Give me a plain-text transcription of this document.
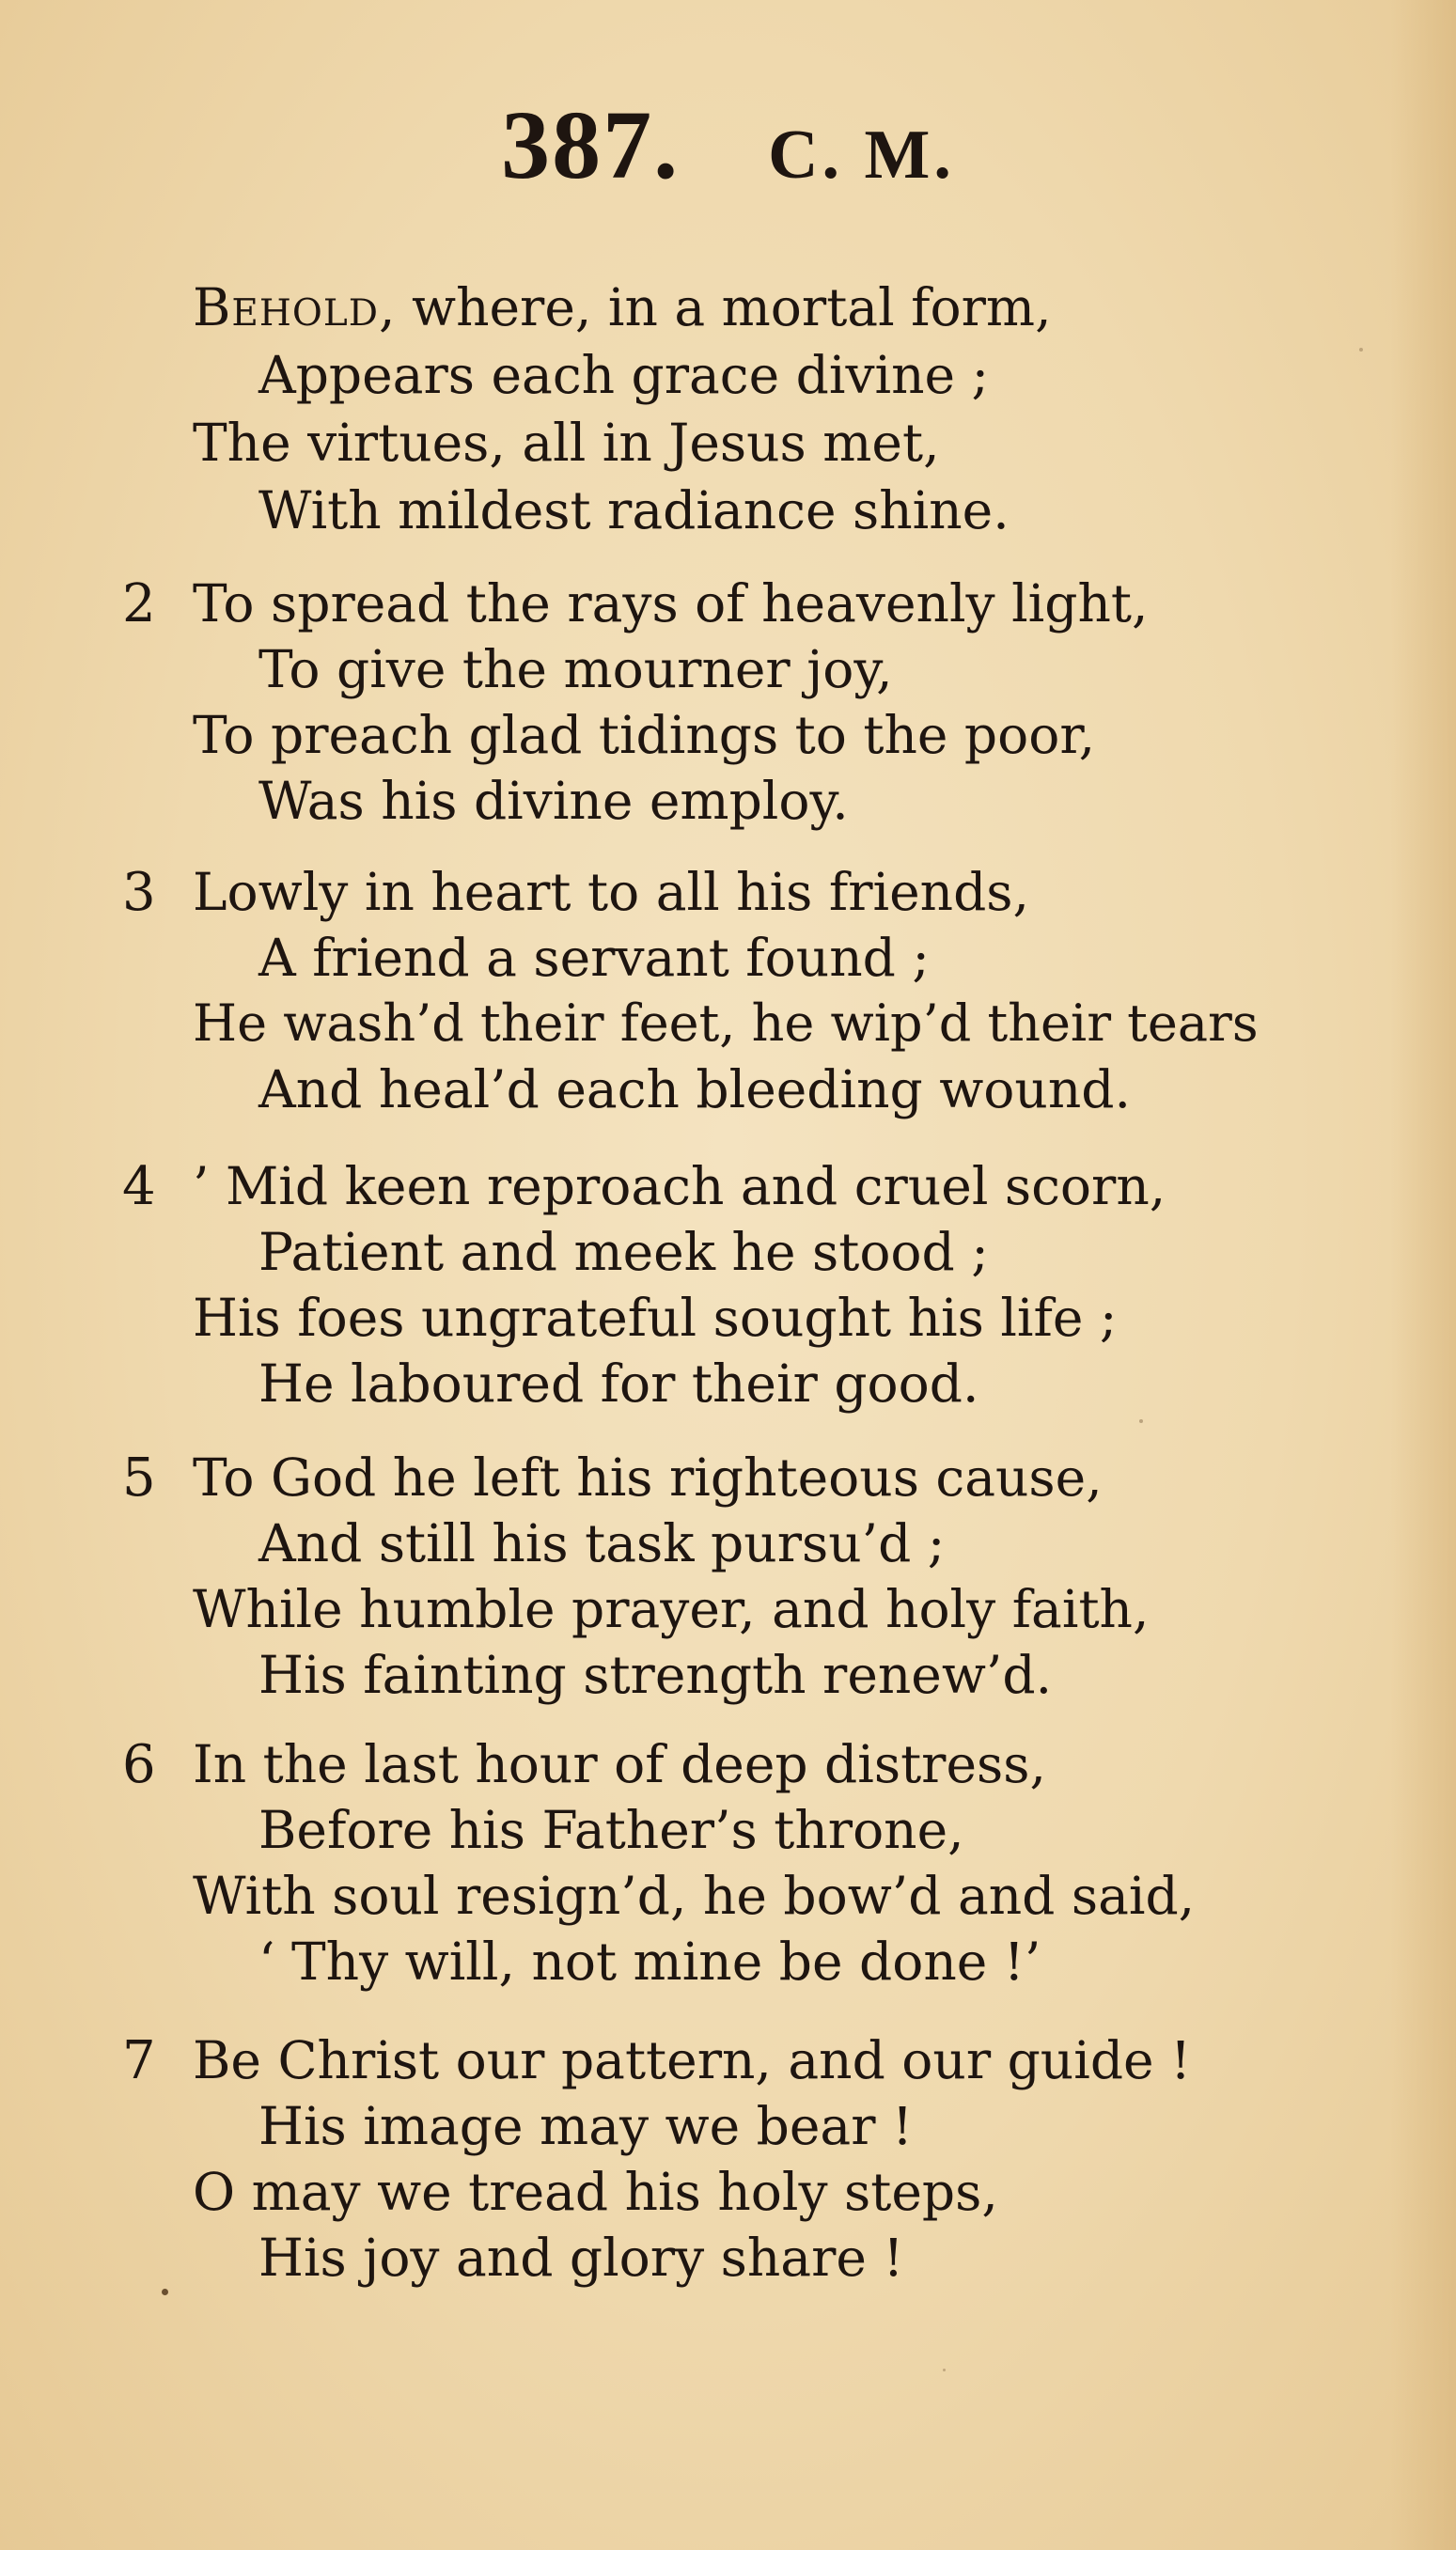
387. C. M.
Behold, where, in a mortal form,
Appears each grace divine ;
The virtues, all in Jesus met,
With mildest radiance shine.
2 To spread the rays of heavenly light,
To give the mourner joy,
To preach glad tidings to the poor,
Was his divine employ.
3 Lowly in heart to all his friends,
A friend a servant found ;
He wash’d their feet, he wip’d their tears
And heal’d each bleeding wound.
4 ’ Mid keen reproach and cruel scorn,
Patient and meek he stood ;
His foes ungrateful sought his life ;
He laboured for their good.
5 To God he left his righteous cause,
And still his task pursu’d ;
While humble prayer, and holy faith,
His fainting strength renew’d.
6 In the last hour of deep distress,
Before his Father’s throne,
With soul resign’d, he bow’d and said,
‘ Thy will, not mine be done !’
7 Be Christ our pattern, and our guide !
His image may we bear !
O may we tread his holy steps,
His joy and glory share !
